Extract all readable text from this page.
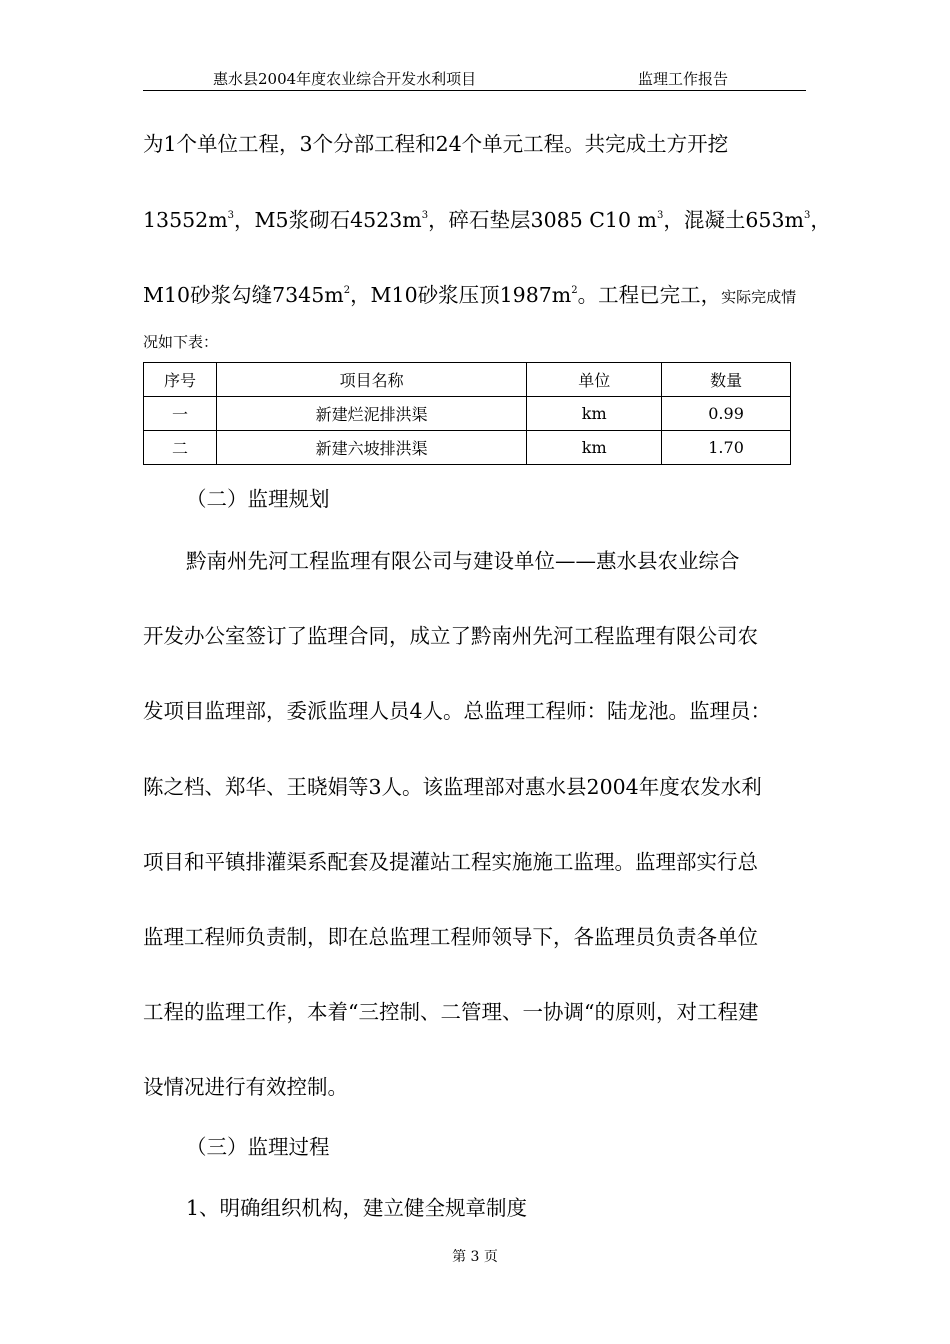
惠水县2004年度农业综合开发水利项目	监理工作报告
为1个单位工程，3个分部工程和24个单元工程。共完成土方开挖
$13552m^3$，M5浆砌石$4523m^3$，碎石垫层3085 C10 $m^3$，混凝土$653m^3$，
M10砂浆勾缝$7345m^2$，M10砂浆压顶$1987m^2$。工程已完工，实际完成情
况如下表：
序号	项目名称	单位	数量
一	新建烂泥排洪渠	km	0.99
二	新建六坡排洪渠	km	1.70
（二）监理规划
黔南州先河工程监理有限公司与建设单位——惠水县农业综合
开发办公室签订了监理合同，成立了黔南州先河工程监理有限公司农
发项目监理部，委派监理人员4人。总监理工程师：陆龙池。监理员：
陈之档、郑华、王晓娟等3人。该监理部对惠水县2004年度农发水利
项目和平镇排灌渠系配套及提灌站工程实施施工监理。监理部实行总
监理工程师负责制，即在总监理工程师领导下，各监理员负责各单位
工程的监理工作，本着“三控制、二管理、一协调“的原则，对工程建
设情况进行有效控制。
（三）监理过程
1、明确组织机构，建立健全规章制度
第 3 页
